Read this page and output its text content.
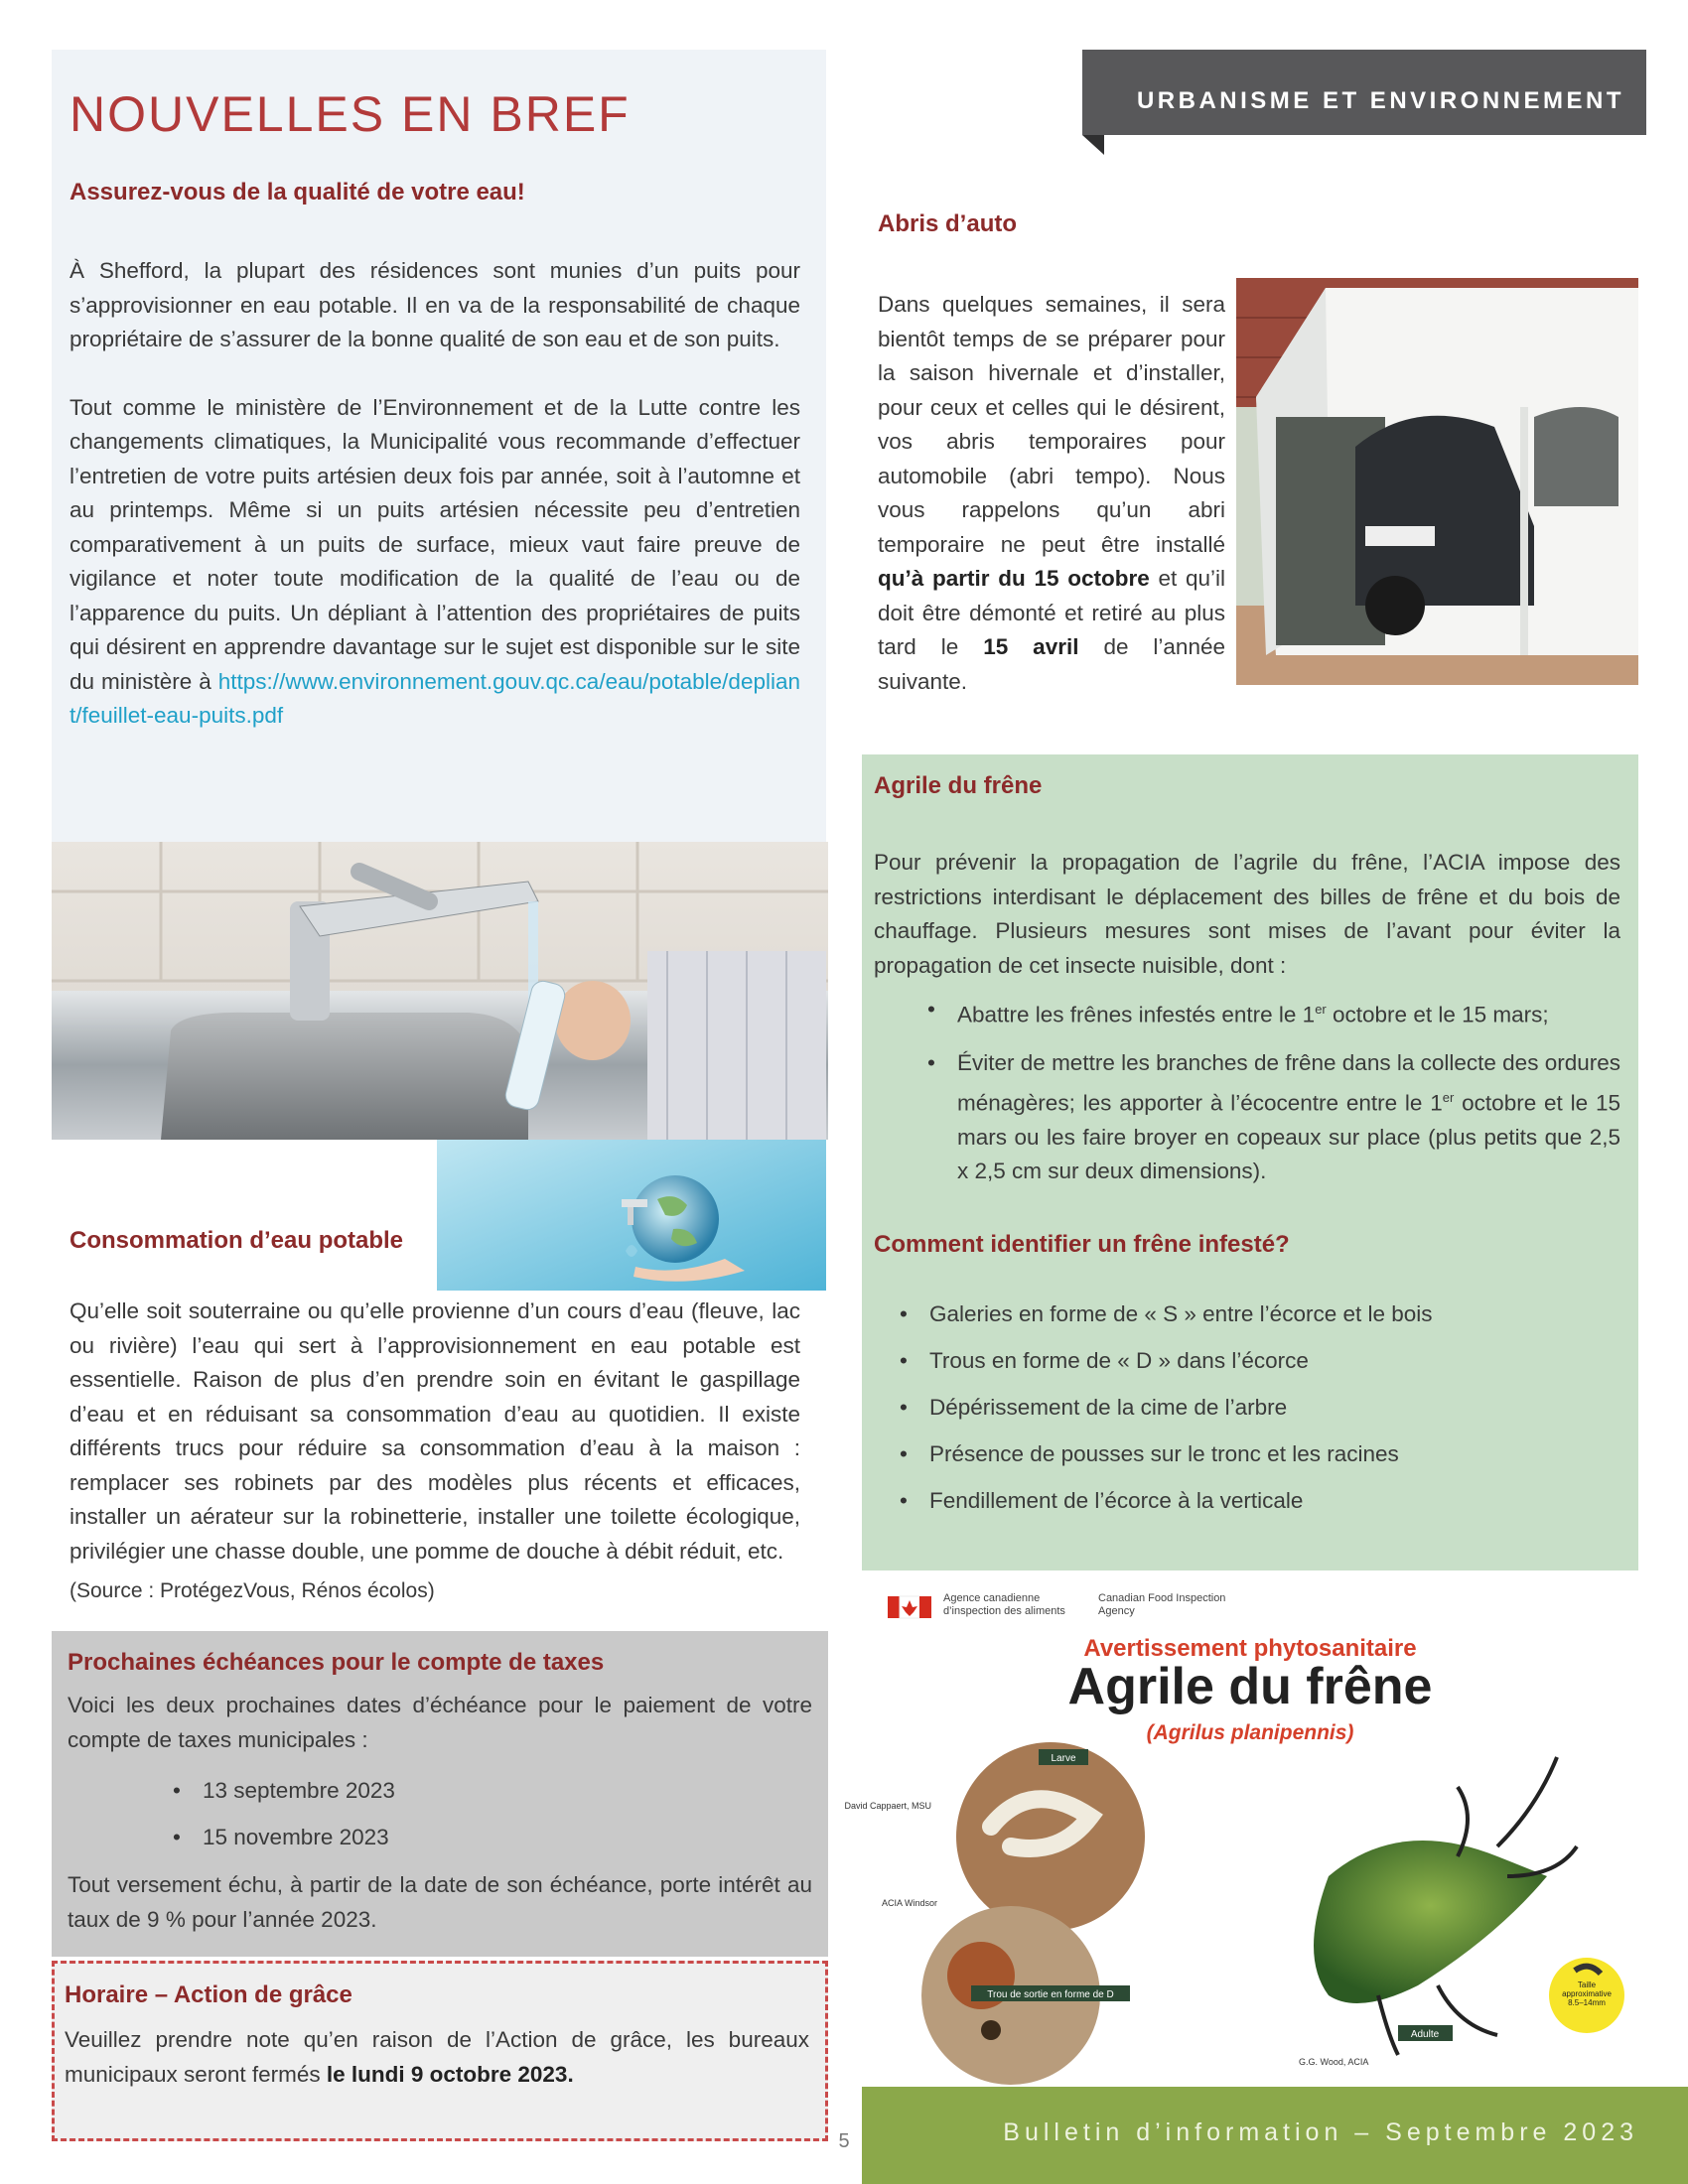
NOUVELLES EN BREF	URBANISME ET ENVIRONNEMENT
Assurez-vous de la qualité de votre eau!

À Shefford, la plupart des résidences sont munies d’un puits pour s’approvisionner en eau potable. Il en va de la responsabilité de chaque propriétaire de s’assurer de la bonne qualité de son eau et de son puits.

Tout comme le ministère de l’Environnement et de la Lutte contre les changements climatiques, la Municipalité vous recommande d’effectuer l’entretien de votre puits artésien deux fois par année, soit à l’automne et au printemps. Même si un puits artésien nécessite peu d’entretien comparativement à un puits de surface, mieux vaut faire preuve de vigilance et noter toute modification de la qualité de l’eau ou de l’apparence du puits. Un dépliant à l’attention des propriétaires de puits qui désirent en apprendre davantage sur le sujet est disponible sur le site du ministère à https://www.environnement.gouv.qc.ca/eau/potable/depliant/feuillet-eau-puits.pdf

Consommation d’eau potable

Qu’elle soit souterraine ou qu’elle provienne d’un cours d’eau (fleuve, lac ou rivière) l’eau qui sert à l’approvisionnement en eau potable est essentielle. Raison de plus d’en prendre soin en évitant le gaspillage d’eau et en réduisant sa consommation d’eau au quotidien. Il existe différents trucs pour réduire sa consommation d’eau à la maison : remplacer ses robinets par des modèles plus récents et efficaces, installer un aérateur sur la robinetterie, installer une toilette écologique, privilégier une chasse double, une pomme de douche à débit réduit, etc.

(Source : ProtégezVous, Rénos écolos)

Prochaines échéances pour le compte de taxes

Voici les deux prochaines dates d’échéance pour le paiement de votre compte de taxes municipales :

• 13 septembre 2023
• 15 novembre 2023

Tout versement échu, à partir de la date de son échéance, porte intérêt au taux de 9 % pour l’année 2023.

Horaire – Action de grâce

Veuillez prendre note qu’en raison de l’Action de grâce, les bureaux municipaux seront fermés le lundi 9 octobre 2023.

Abris d’auto

Dans quelques semaines, il sera bientôt temps de se préparer pour la saison hivernale et d’installer, pour ceux et celles qui le désirent, vos abris temporaires pour automobile (abri tempo). Nous vous rappelons qu’un abri temporaire ne peut être installé qu’à partir du 15 octobre et qu’il doit être démonté et retiré au plus tard le 15 avril de l’année suivante.

Agrile du frêne

Pour prévenir la propagation de l’agrile du frêne, l’ACIA impose des restrictions interdisant le déplacement des billes de frêne et du bois de chauffage. Plusieurs mesures sont mises de l’avant pour éviter la propagation de cet insecte nuisible, dont :

• Abattre les frênes infestés entre le 1er octobre et le 15 mars;
• Éviter de mettre les branches de frêne dans la collecte des ordures ménagères; les apporter à l’écocentre entre le 1er octobre et le 15 mars ou les faire broyer en copeaux sur place (plus petits que 2,5 x 2,5 cm sur deux dimensions).
Comment identifier un frêne infesté?
• Galeries en forme de « S » entre l’écorce et le bois
• Trous en forme de « D » dans l’écorce
• Dépérissement de la cime de l’arbre
• Présence de pousses sur le tronc et les racines
• Fendillement de l’écorce à la verticale
Agence canadienne d’inspection des aliments
Canadian Food Inspection Agency
Avertissement phytosanitaire
Agrile du frêne
(Agrilus planipennis)
Larve
David Cappaert, MSU
ACIA Windsor
Trou de sortie en forme de D
Adulte
G.G. Wood, ACIA
Taille approximative 8.5–14mm
Bulletin d’information – Septembre 2023
5
